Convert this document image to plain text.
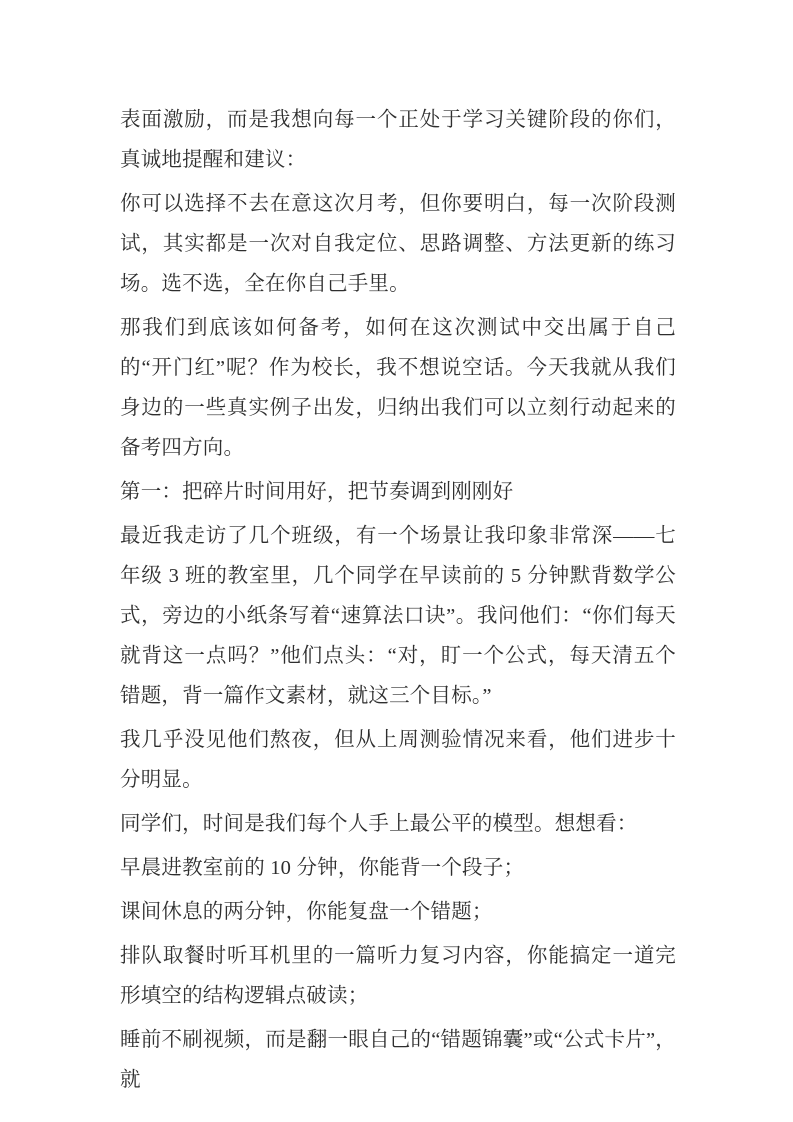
表面激励，而是我想向每一个正处于学习关键阶段的你们，真诚地提醒和建议：

你可以选择不去在意这次月考，但你要明白，每一次阶段测试，其实都是一次对自我定位、思路调整、方法更新的练习场。选不选，全在你自己手里。

那我们到底该如何备考，如何在这次测试中交出属于自己的“开门红”呢？作为校长，我不想说空话。今天我就从我们身边的一些真实例子出发，归纳出我们可以立刻行动起来的备考四方向。

第一：把碎片时间用好，把节奏调到刚刚好

最近我走访了几个班级，有一个场景让我印象非常深——七年级 3 班的教室里，几个同学在早读前的 5 分钟默背数学公式，旁边的小纸条写着“速算法口诀”。我问他们：“你们每天就背这一点吗？”他们点头：“对，盯一个公式，每天清五个错题，背一篇作文素材，就这三个目标。”

我几乎没见他们熬夜，但从上周测验情况来看，他们进步十分明显。

同学们，时间是我们每个人手上最公平的模型。想想看：

早晨进教室前的 10 分钟，你能背一个段子；

课间休息的两分钟，你能复盘一个错题；

排队取餐时听耳机里的一篇听力复习内容，你能搞定一道完形填空的结构逻辑点破读；

睡前不刷视频，而是翻一眼自己的“错题锦囊”或“公式卡片”，就
